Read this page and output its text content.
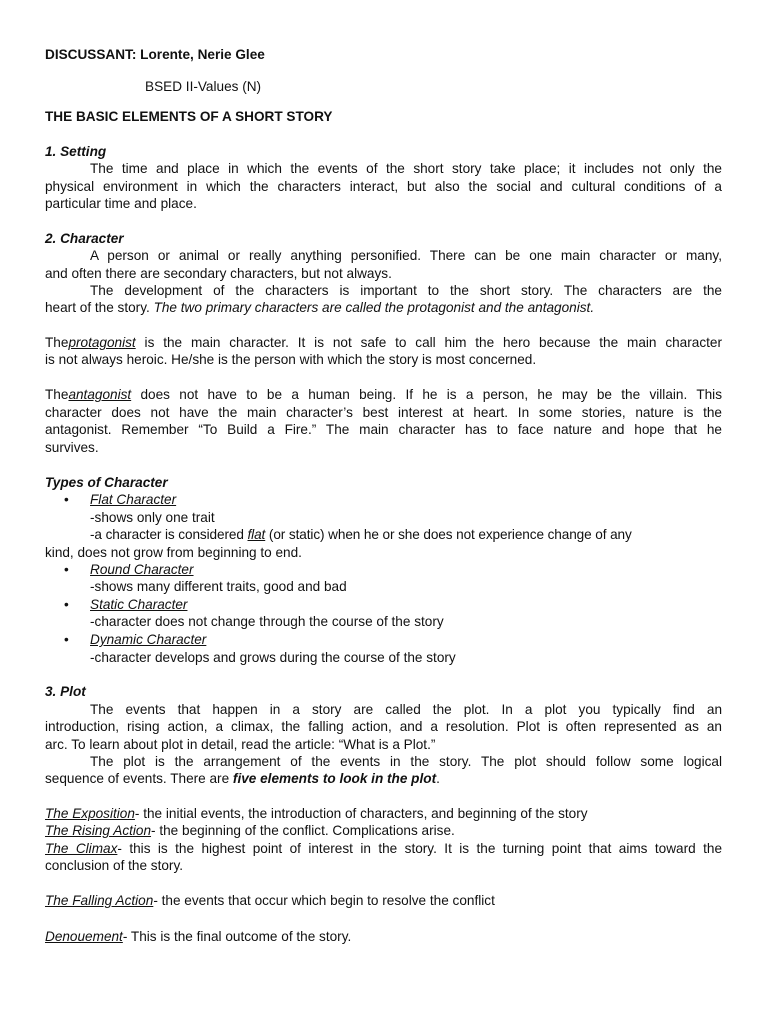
DISCUSSANT: Lorente, Nerie Glee
BSED II-Values (N)
THE BASIC ELEMENTS OF A SHORT STORY
1. Setting
The time and place in which the events of the short story take place; it includes not only the
physical environment in which the characters interact, but also the social and cultural conditions of a
particular time and place.
2. Character
A person or animal or really anything personified. There can be one main character or many,
and often there are secondary characters, but not always.
The development of the characters is important to the short story. The characters are the
heart of the story. The two primary characters are called the protagonist and the antagonist.
Theprotagonist is the main character. It is not safe to call him the hero because the main character
is not always heroic. He/she is the person with which the story is most concerned.
Theantagonist does not have to be a human being. If he is a person, he may be the villain. This
character does not have the main character’s best interest at heart. In some stories, nature is the
antagonist. Remember “To Build a Fire.” The main character has to face nature and hope that he
survives.
Types of Character
• Flat Character
-shows only one trait
-a character is considered flat (or static) when he or she does not experience change of any
kind, does not grow from beginning to end.
• Round Character
-shows many different traits, good and bad
• Static Character
-character does not change through the course of the story
• Dynamic Character
-character develops and grows during the course of the story
3. Plot
The events that happen in a story are called the plot. In a plot you typically find an
introduction, rising action, a climax, the falling action, and a resolution. Plot is often represented as an
arc. To learn about plot in detail, read the article: “What is a Plot.”
The plot is the arrangement of the events in the story. The plot should follow some logical
sequence of events. There are five elements to look in the plot.
The Exposition- the initial events, the introduction of characters, and beginning of the story
The Rising Action- the beginning of the conflict. Complications arise.
The Climax- this is the highest point of interest in the story. It is the turning point that aims toward the
conclusion of the story.
The Falling Action- the events that occur which begin to resolve the conflict
Denouement- This is the final outcome of the story.
